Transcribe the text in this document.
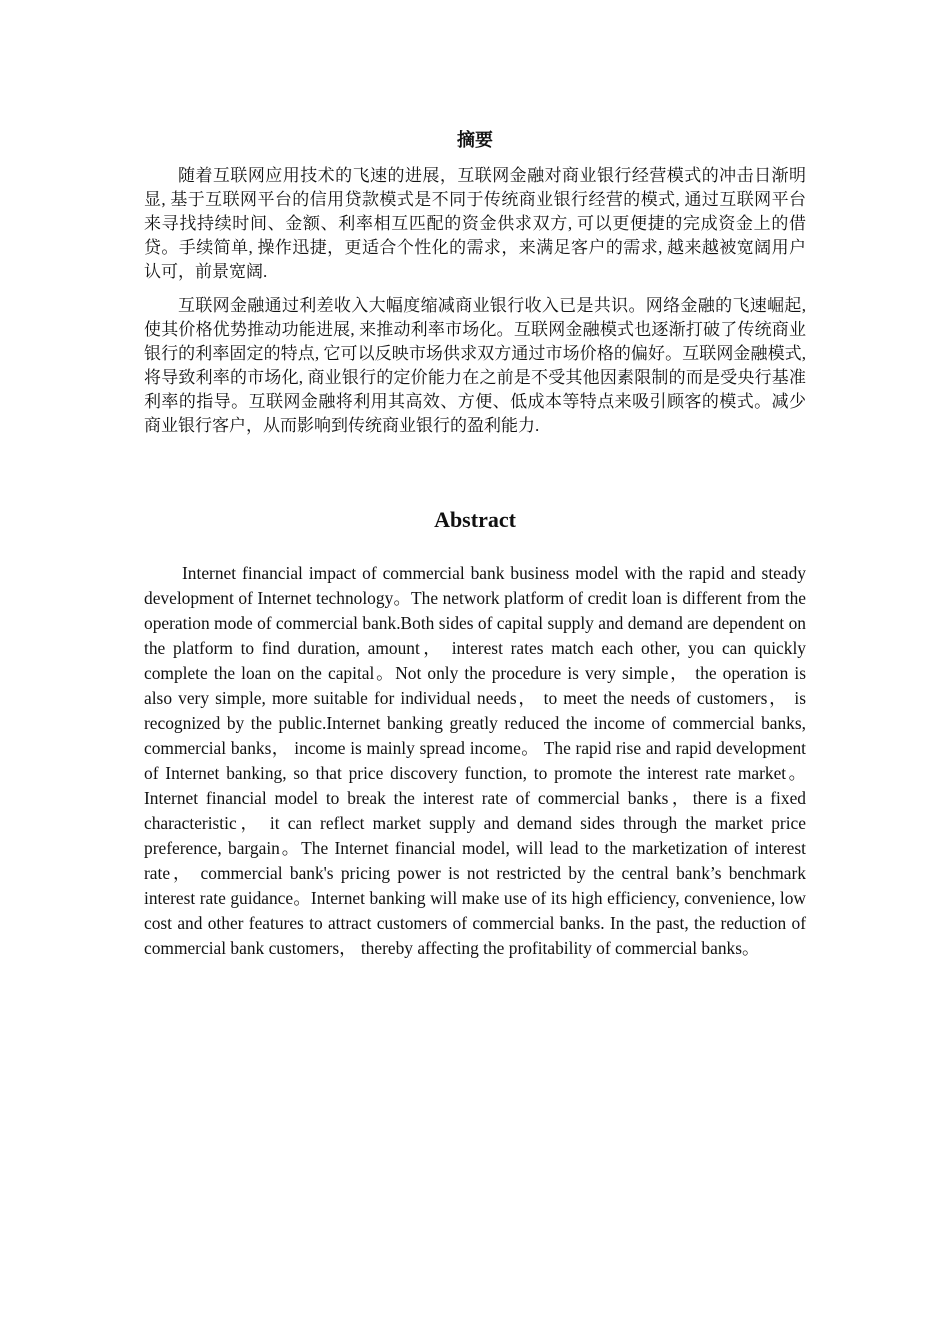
摘要

随着互联网应用技术的飞速的进展，互联网金融对商业银行经营模式的冲击日渐明显, 基于互联网平台的信用贷款模式是不同于传统商业银行经营的模式, 通过互联网平台来寻找持续时间、金额、利率相互匹配的资金供求双方, 可以更便捷的完成资金上的借贷。手续简单, 操作迅捷，更适合个性化的需求，来满足客户的需求, 越来越被宽阔用户认可，前景宽阔.

互联网金融通过利差收入大幅度缩减商业银行收入已是共识。网络金融的飞速崛起, 使其价格优势推动功能进展, 来推动利率市场化。互联网金融模式也逐渐打破了传统商业银行的利率固定的特点, 它可以反映市场供求双方通过市场价格的偏好。互联网金融模式, 将导致利率的市场化, 商业银行的定价能力在之前是不受其他因素限制的而是受央行基准利率的指导。互联网金融将利用其高效、方便、低成本等特点来吸引顾客的模式。减少商业银行客户，从而影响到传统商业银行的盈利能力.

Abstract

Internet financial impact of commercial bank business model with the rapid and steady development of Internet technology。The network platform of credit loan is different from the operation mode of commercial bank.Both sides of capital supply and demand are dependent on the platform to find duration, amount， interest rates match each other, you can quickly complete the loan on the capital。Not only the procedure is very simple， the operation is also very simple, more suitable for individual needs， to meet the needs of customers， is recognized by the public.Internet banking greatly reduced the income of commercial banks, commercial banks， income is mainly spread income。 The rapid rise and rapid development of Internet banking, so that price discovery function, to promote the interest rate market。Internet financial model to break the interest rate of commercial banks，there is a fixed characteristic， it can reflect market supply and demand sides through the market price preference, bargain。The Internet financial model, will lead to the marketization of interest rate， commercial bank's pricing power is not restricted by the central bank’s benchmark interest rate guidance。Internet banking will make use of its high efficiency, convenience, low cost and other features to attract customers of commercial banks. In the past, the reduction of commercial bank customers， thereby affecting the profitability of commercial banks。
